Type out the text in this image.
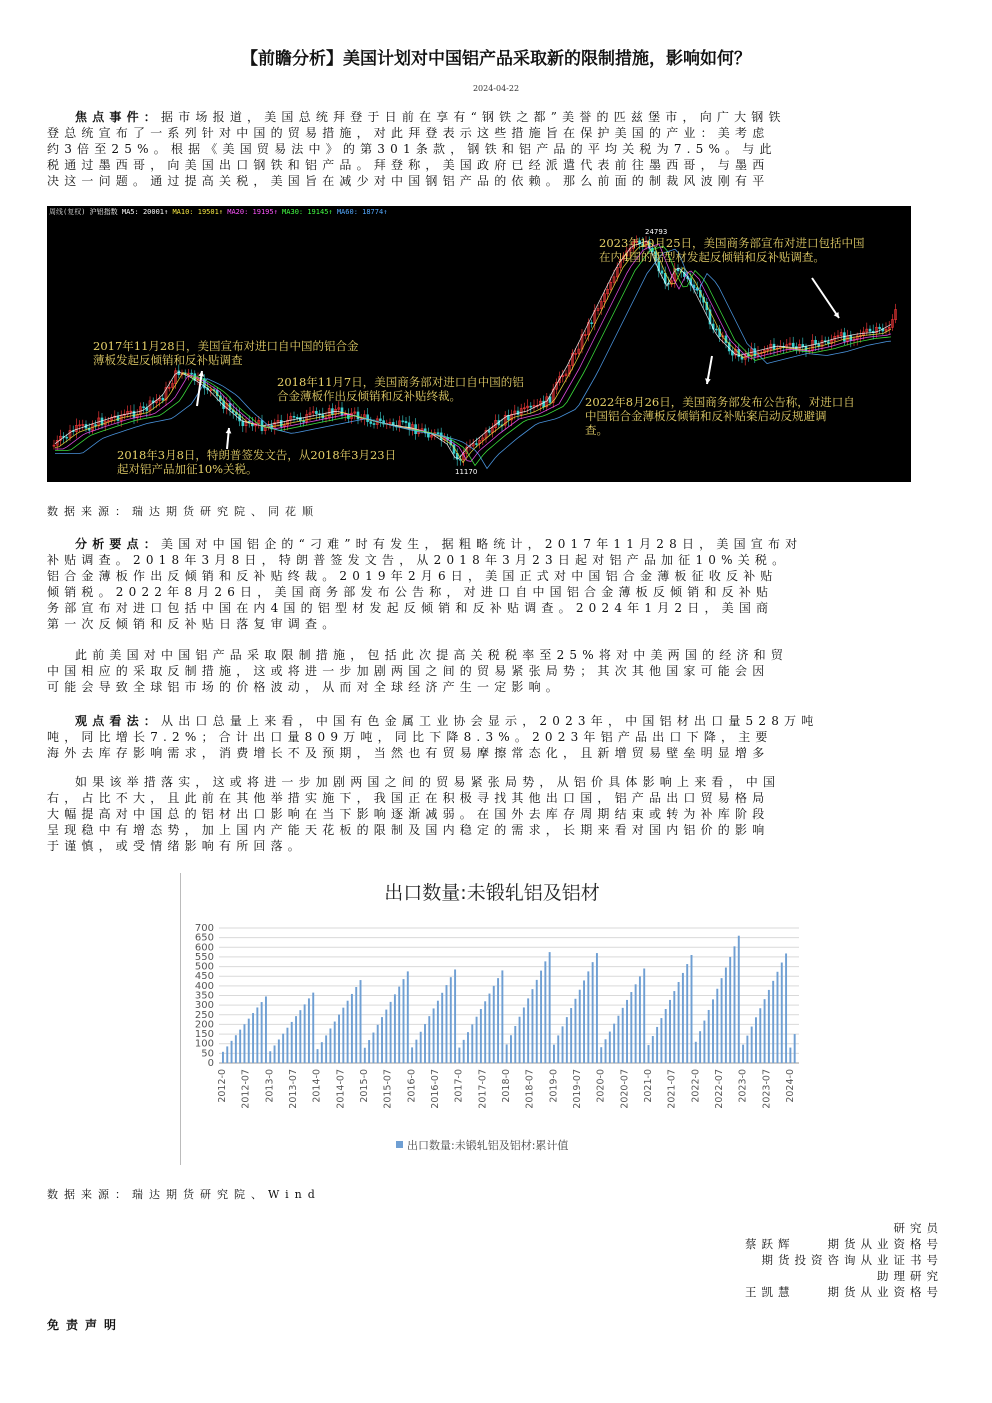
【前瞻分析】美国计划对中国铝产品采取新的限制措施，影响如何？
2024-04-22

焦点事件：据市场报道，美国总统拜登于日前在享有“钢铁之都”美誉的匹兹堡市，向广大钢铁

登总统宣布了一系列针对中国的贸易措施，对此拜登表示这些措施旨在保护美国的产业：美考虑

约3倍至25%。根据《美国贸易法中》的第301条款，钢铁和铝产品的平均关税为7.5%。与此

税通过墨西哥，向美国出口钢铁和铝产品。拜登称，美国政府已经派遣代表前往墨西哥，与墨西

决这一问题。通过提高关税，美国旨在减少对中国钢铝产品的依赖。那么前面的制裁风波刚有平

周线(复权) 沪铝指数 MA5: 20001↑ MA10: 19501↑ MA20: 19195↑ MA30: 19145↑ MA60: 18774↑
24793
11170
2023年10月25日，美国商务部宣布对进口包括中国
在内4国的铝型材发起反倾销和反补贴调查。
2017年11月28日，美国宣布对进口自中国的铝合金
薄板发起反倾销和反补贴调查
2018年11月7日，美国商务部对进口自中国的铝
合金薄板作出反倾销和反补贴终裁。	2022年8月26日，美国商务部发布公告称，对进口自
中国铝合金薄板反倾销和反补贴案启动反规避调
查。
2018年3月8日，特朗普签发文告，从2018年3月23日
起对铝产品加征10%关税。
数据来源：瑞达期货研究院、同花顺

分析要点：美国对中国铝企的“刁难”时有发生，据粗略统计，2017年11月28日，美国宣布对

补贴调查。2018年3月8日，特朗普签发文告，从2018年3月23日起对铝产品加征10%关税。

铝合金薄板作出反倾销和反补贴终裁。2019年2月6日，美国正式对中国铝合金薄板征收反补贴

倾销税。2022年8月26日，美国商务部发布公告称，对进口自中国铝合金薄板反倾销和反补贴

务部宣布对进口包括中国在内4国的铝型材发起反倾销和反补贴调查。2024年1月2日，美国商

第一次反倾销和反补贴日落复审调查。

此前美国对中国铝产品采取限制措施，包括此次提高关税税率至25%将对中美两国的经济和贸

中国相应的采取反制措施，这或将进一步加剧两国之间的贸易紧张局势；其次其他国家可能会因

可能会导致全球铝市场的价格波动，从而对全球经济产生一定影响。

观点看法：从出口总量上来看，中国有色金属工业协会显示，2023年，中国铝材出口量528万吨

吨，同比增长7.2%；合计出口量809万吨，同比下降8.3%。2023年铝产品出口下降，主要

海外去库存影响需求，消费增长不及预期，当然也有贸易摩擦常态化，且新增贸易壁垒明显增多

如果该举措落实，这或将进一步加剧两国之间的贸易紧张局势，从铝价具体影响上来看，中国

右，占比不大，且此前在其他举措实施下，我国正在积极寻找其他出口国，铝产品出口贸易格局

大幅提高对中国总的铝材出口影响在当下影响逐渐减弱。在国外去库存周期结束或转为补库阶段

呈现稳中有增态势，加上国内产能天花板的限制及国内稳定的需求，长期来看对国内铝价的影响

于谨慎，或受情绪影响有所回落。

出口数量:未锻轧铝及铝材
0
50
100
150
200
250
300
350
400
450
500
550
600
650
700
2012-0 2012-07 2013-0 2013-07 2014-0 2014-07 2015-0 2015-07 2016-0 2016-07 2017-0 2017-07 2018-0 2018-07 2019-0 2019-07 2020-0 2020-07 2021-0 2021-07 2022-0 2022-07 2023-0 2023-07 2024-0
出口数量:未锻轧铝及铝材:累计值
数据来源：瑞达期货研究院、Wind
研究员
蔡跃辉　　期货从业资格号
期货投资咨询从业证书号
助理研究
王凯慧　　期货从业资格号
免责声明
